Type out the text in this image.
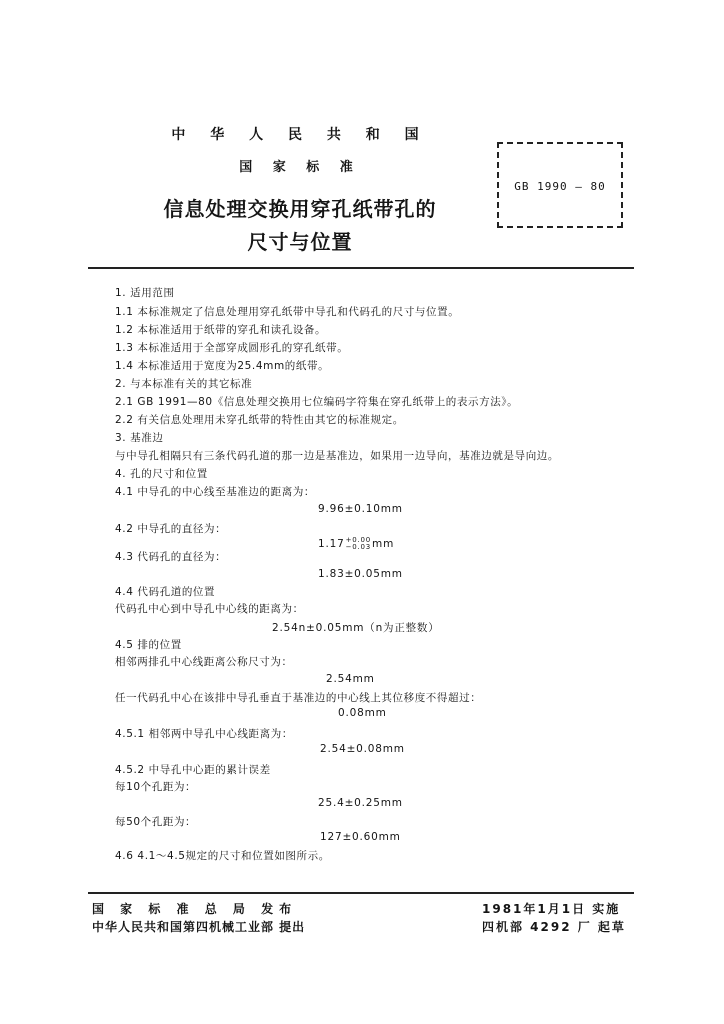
中 华 人 民 共 和 国
国 家 标 准
信息处理交换用穿孔纸带孔的
尺寸与位置
GB 1990 — 80
1. 适用范围
1.1 本标准规定了信息处理用穿孔纸带中导孔和代码孔的尺寸与位置。
1.2 本标准适用于纸带的穿孔和读孔设备。
1.3 本标准适用于全部穿成圆形孔的穿孔纸带。
1.4 本标准适用于宽度为25.4mm的纸带。
2. 与本标准有关的其它标准
2.1 GB 1991—80《信息处理交换用七位编码字符集在穿孔纸带上的表示方法》。
2.2 有关信息处理用未穿孔纸带的特性由其它的标准规定。
3. 基准边
与中导孔相隔只有三条代码孔道的那一边是基准边，如果用一边导向，基准边就是导向边。
4. 孔的尺寸和位置
4.1 中导孔的中心线至基准边的距离为：
9.96±0.10mm
4.2 中导孔的直径为：
1.17 +0.00
−0.03 mm
4.3 代码孔的直径为：
1.83±0.05mm
4.4 代码孔道的位置
代码孔中心到中导孔中心线的距离为：
2.54n±0.05mm（n为正整数）
4.5 排的位置
相邻两排孔中心线距离公称尺寸为：
2.54mm
任一代码孔中心在该排中导孔垂直于基准边的中心线上其位移度不得超过：
0.08mm
4.5.1 相邻两中导孔中心线距离为：
2.54±0.08mm
4.5.2 中导孔中心距的累计误差
每10个孔距为：
25.4±0.25mm
每50个孔距为：
127±0.60mm
4.6 4.1～4.5规定的尺寸和位置如图所示。
国 家 标 准 总 局 发布
中华人民共和国第四机械工业部 提出
1981年1月1日 实施
四机部 4292 厂 起草
